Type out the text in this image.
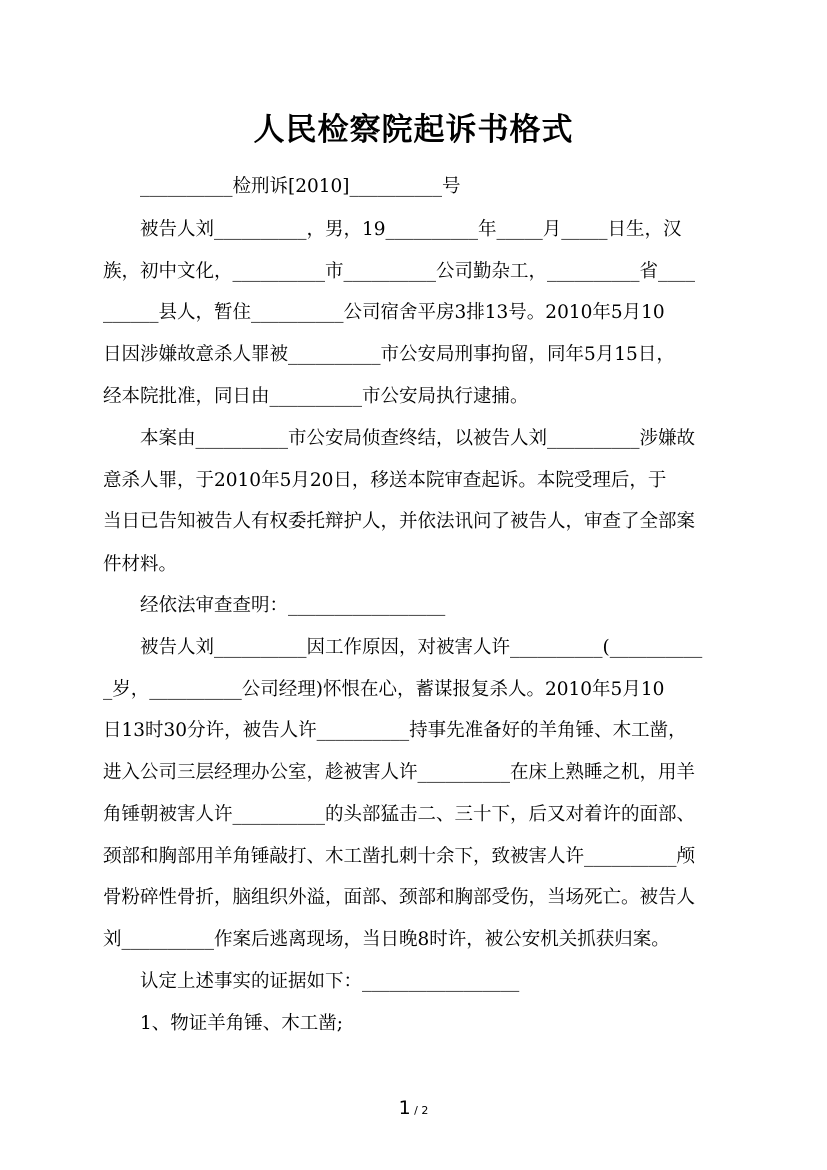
人民检察院起诉书格式
__________检刑诉[2010]__________号
被告人刘__________，男，19__________年_____月_____日生，汉
族，初中文化，__________市__________公司勤杂工，__________省____
______县人，暂住__________公司宿舍平房3排13号。2010年5月10
日因涉嫌故意杀人罪被__________市公安局刑事拘留，同年5月15日，
经本院批准，同日由__________市公安局执行逮捕。
本案由__________市公安局侦查终结，以被告人刘__________涉嫌故
意杀人罪，于2010年5月20日，移送本院审查起诉。本院受理后，于
当日已告知被告人有权委托辩护人，并依法讯问了被告人，审查了全部案
件材料。
经依法审查查明：_________________
被告人刘__________因工作原因，对被害人许__________(__________
_岁，__________公司经理)怀恨在心，蓄谋报复杀人。2010年5月10
日13时30分许，被告人许__________持事先准备好的羊角锤、木工凿，
进入公司三层经理办公室，趁被害人许__________在床上熟睡之机，用羊
角锤朝被害人许__________的头部猛击二、三十下，后又对着许的面部、
颈部和胸部用羊角锤敲打、木工凿扎刺十余下，致被害人许__________颅
骨粉碎性骨折，脑组织外溢，面部、颈部和胸部受伤，当场死亡。被告人
刘__________作案后逃离现场，当日晚8时许，被公安机关抓获归案。
认定上述事实的证据如下：_________________
1、物证羊角锤、木工凿;
1 / 2
